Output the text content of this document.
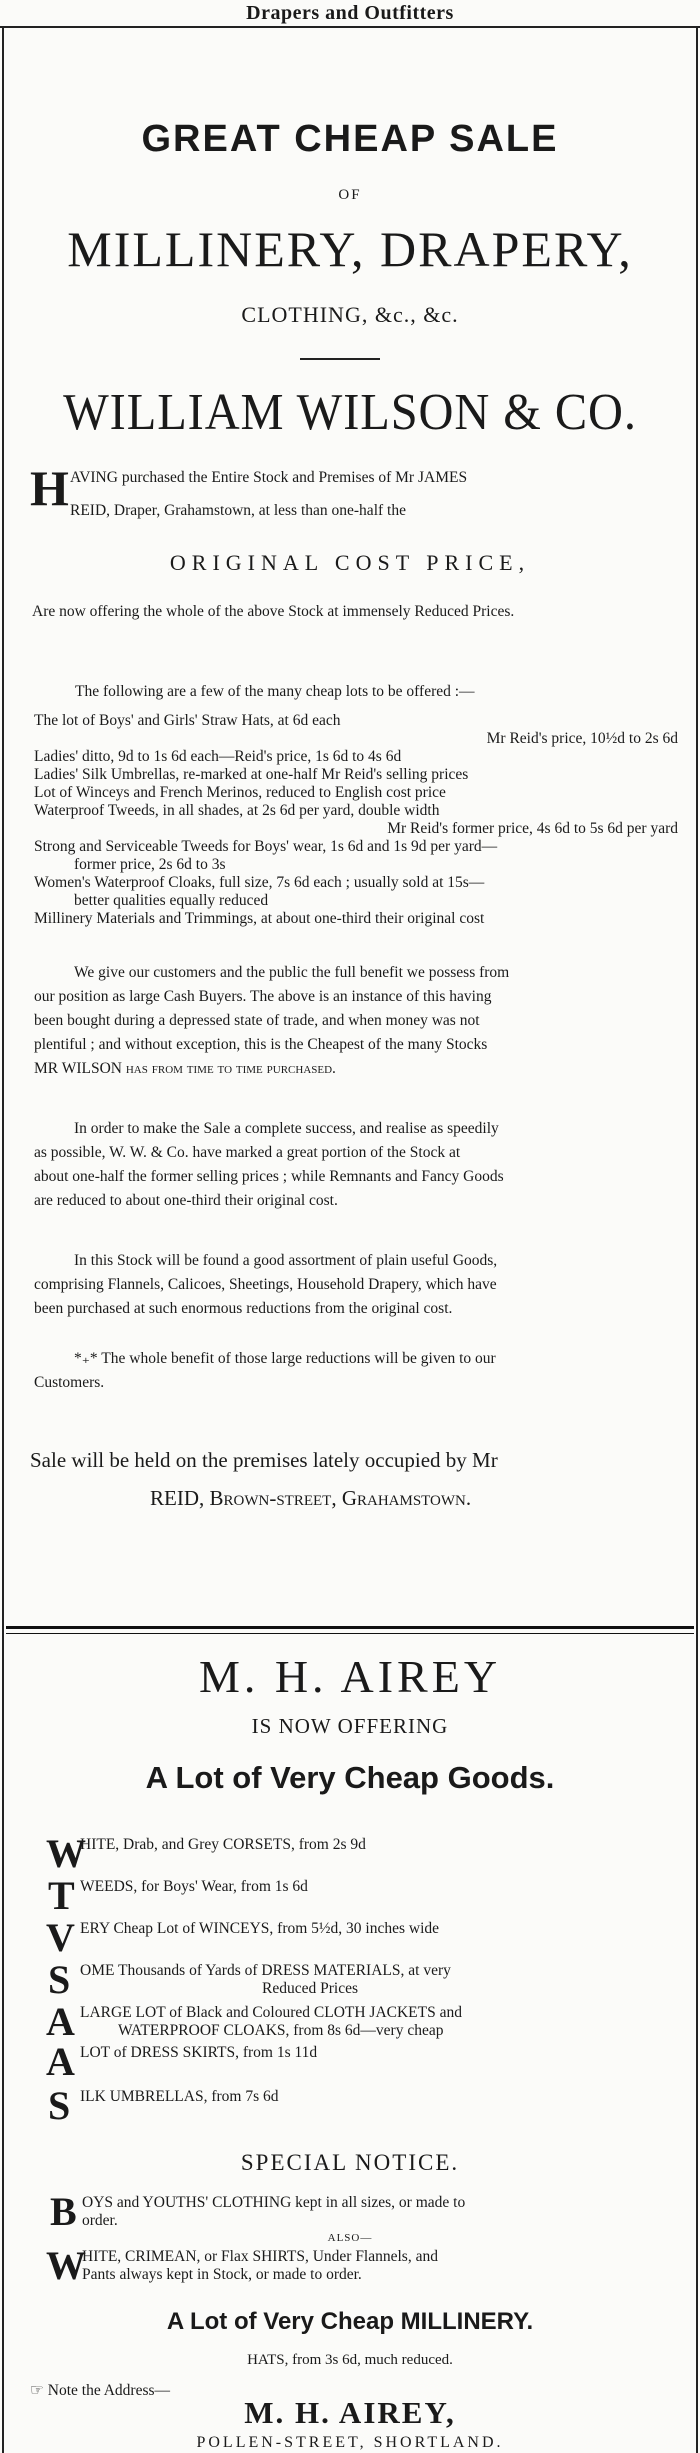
Drapers and Outfitters
GREAT CHEAP SALE
OF
MILLINERY, DRAPERY,
CLOTHING, &c., &c.
WILLIAM WILSON & CO.
H AVING purchased the Entire Stock and Premises of Mr JAMES
REID, Draper, Grahamstown, at less than one-half the
ORIGINAL COST PRICE,
Are now offering the whole of the above Stock at immensely Reduced Prices.
The following are a few of the many cheap lots to be offered :—
The lot of Boys' and Girls' Straw Hats, at 6d each
Mr Reid's price, 10½d to 2s 6d
Ladies' ditto, 9d to 1s 6d each—Reid's price, 1s 6d to 4s 6d
Ladies' Silk Umbrellas, re-marked at one-half Mr Reid's selling prices
Lot of Winceys and French Merinos, reduced to English cost price
Waterproof Tweeds, in all shades, at 2s 6d per yard, double width
Mr Reid's former price, 4s 6d to 5s 6d per yard
Strong and Serviceable Tweeds for Boys' wear, 1s 6d and 1s 9d per yard—
former price, 2s 6d to 3s
Women's Waterproof Cloaks, full size, 7s 6d each ; usually sold at 15s—
better qualities equally reduced
Millinery Materials and Trimmings, at about one-third their original cost
We give our customers and the public the full benefit we possess from
our position as large Cash Buyers. The above is an instance of this having
been bought during a depressed state of trade, and when money was not
plentiful ; and without exception, this is the Cheapest of the many Stocks
MR WILSON has from time to time purchased.
In order to make the Sale a complete success, and realise as speedily
as possible, W. W. & Co. have marked a great portion of the Stock at
about one-half the former selling prices ; while Remnants and Fancy Goods
are reduced to about one-third their original cost.
In this Stock will be found a good assortment of plain useful Goods,
comprising Flannels, Calicoes, Sheetings, Household Drapery, which have
been purchased at such enormous reductions from the original cost.
*₊* The whole benefit of those large reductions will be given to our
Customers.
Sale will be held on the premises lately occupied by Mr
REID, Brown-street, Grahamstown.
M. H. AIREY
IS NOW OFFERING
A Lot of Very Cheap Goods.
W
HITE, Drab, and Grey CORSETS, from 2s 9d
T WEEDS, for Boys' Wear, from 1s 6d
V ERY Cheap Lot of WINCEYS, from 5½d, 30 inches wide
S OME Thousands of Yards of DRESS MATERIALS, at very
Reduced Prices
A LARGE LOT of Black and Coloured CLOTH JACKETS and
WATERPROOF CLOAKS, from 8s 6d—very cheap
A LOT of DRESS SKIRTS, from 1s 11d
S ILK UMBRELLAS, from 7s 6d
SPECIAL NOTICE.
B OYS and YOUTHS' CLOTHING kept in all sizes, or made to
order.
ALSO—
W
HITE, CRIMEAN, or Flax SHIRTS, Under Flannels, and
Pants always kept in Stock, or made to order.
A Lot of Very Cheap MILLINERY.
HATS, from 3s 6d, much reduced.
☞ Note the Address—
M. H. AIREY,
POLLEN-STREET, SHORTLAND.
